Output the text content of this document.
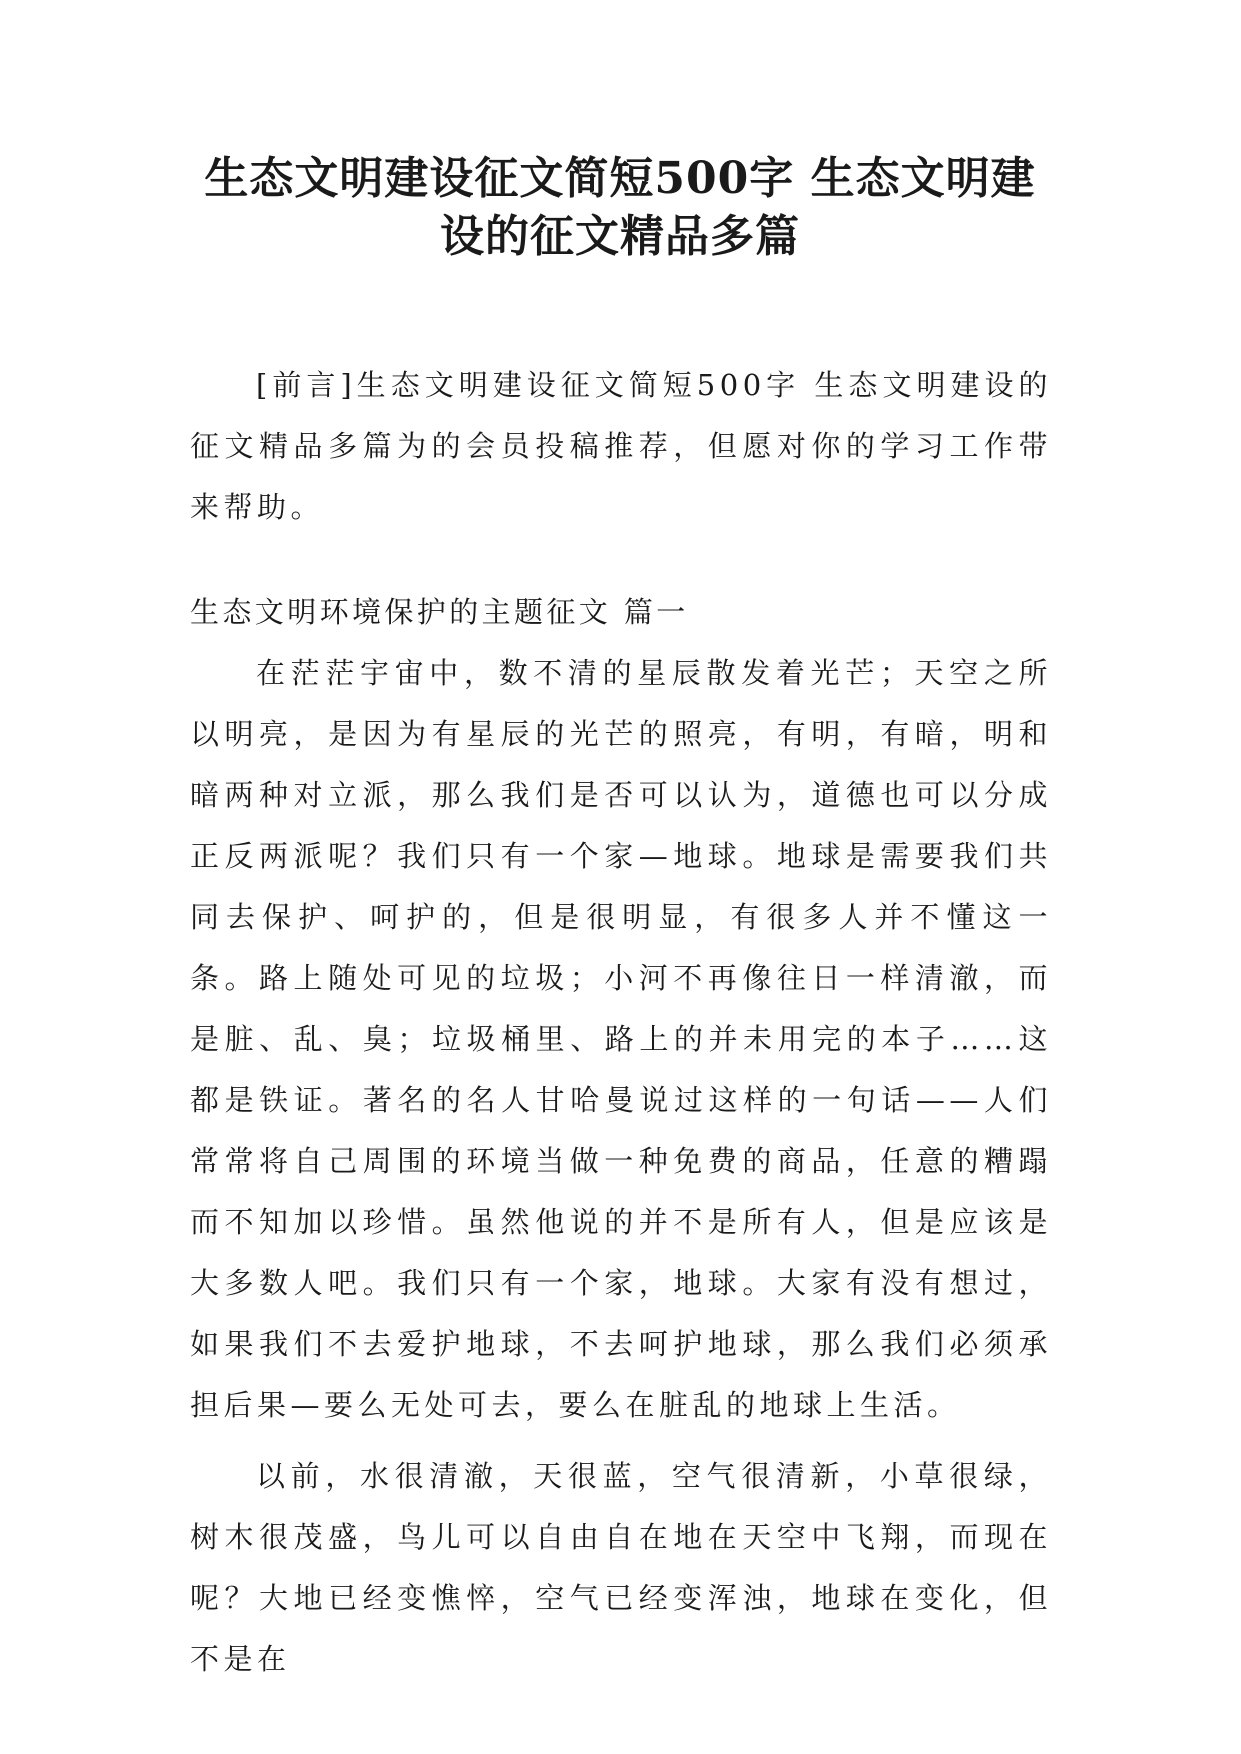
生态文明建设征文简短500字 生态文明建设的征文精品多篇

[前言]生态文明建设征文简短500字 生态文明建设的征文精品多篇为的会员投稿推荐，但愿对你的学习工作带来帮助。

生态文明环境保护的主题征文 篇一

在茫茫宇宙中，数不清的星辰散发着光芒；天空之所以明亮，是因为有星辰的光芒的照亮，有明，有暗，明和暗两种对立派，那么我们是否可以认为，道德也可以分成正反两派呢？我们只有一个家—地球。地球是需要我们共同去保护、呵护的，但是很明显，有很多人并不懂这一条。路上随处可见的垃圾；小河不再像往日一样清澈，而是脏、乱、臭；垃圾桶里、路上的并未用完的本子……这都是铁证。著名的名人甘哈曼说过这样的一句话——人们常常将自己周围的环境当做一种免费的商品，任意的糟蹋而不知加以珍惜。虽然他说的并不是所有人，但是应该是大多数人吧。我们只有一个家，地球。大家有没有想过，如果我们不去爱护地球，不去呵护地球，那么我们必须承担后果—要么无处可去，要么在脏乱的地球上生活。

以前，水很清澈，天很蓝，空气很清新，小草很绿，树木很茂盛，鸟儿可以自由自在地在天空中飞翔，而现在呢？大地已经变憔悴，空气已经变浑浊，地球在变化，但不是在
